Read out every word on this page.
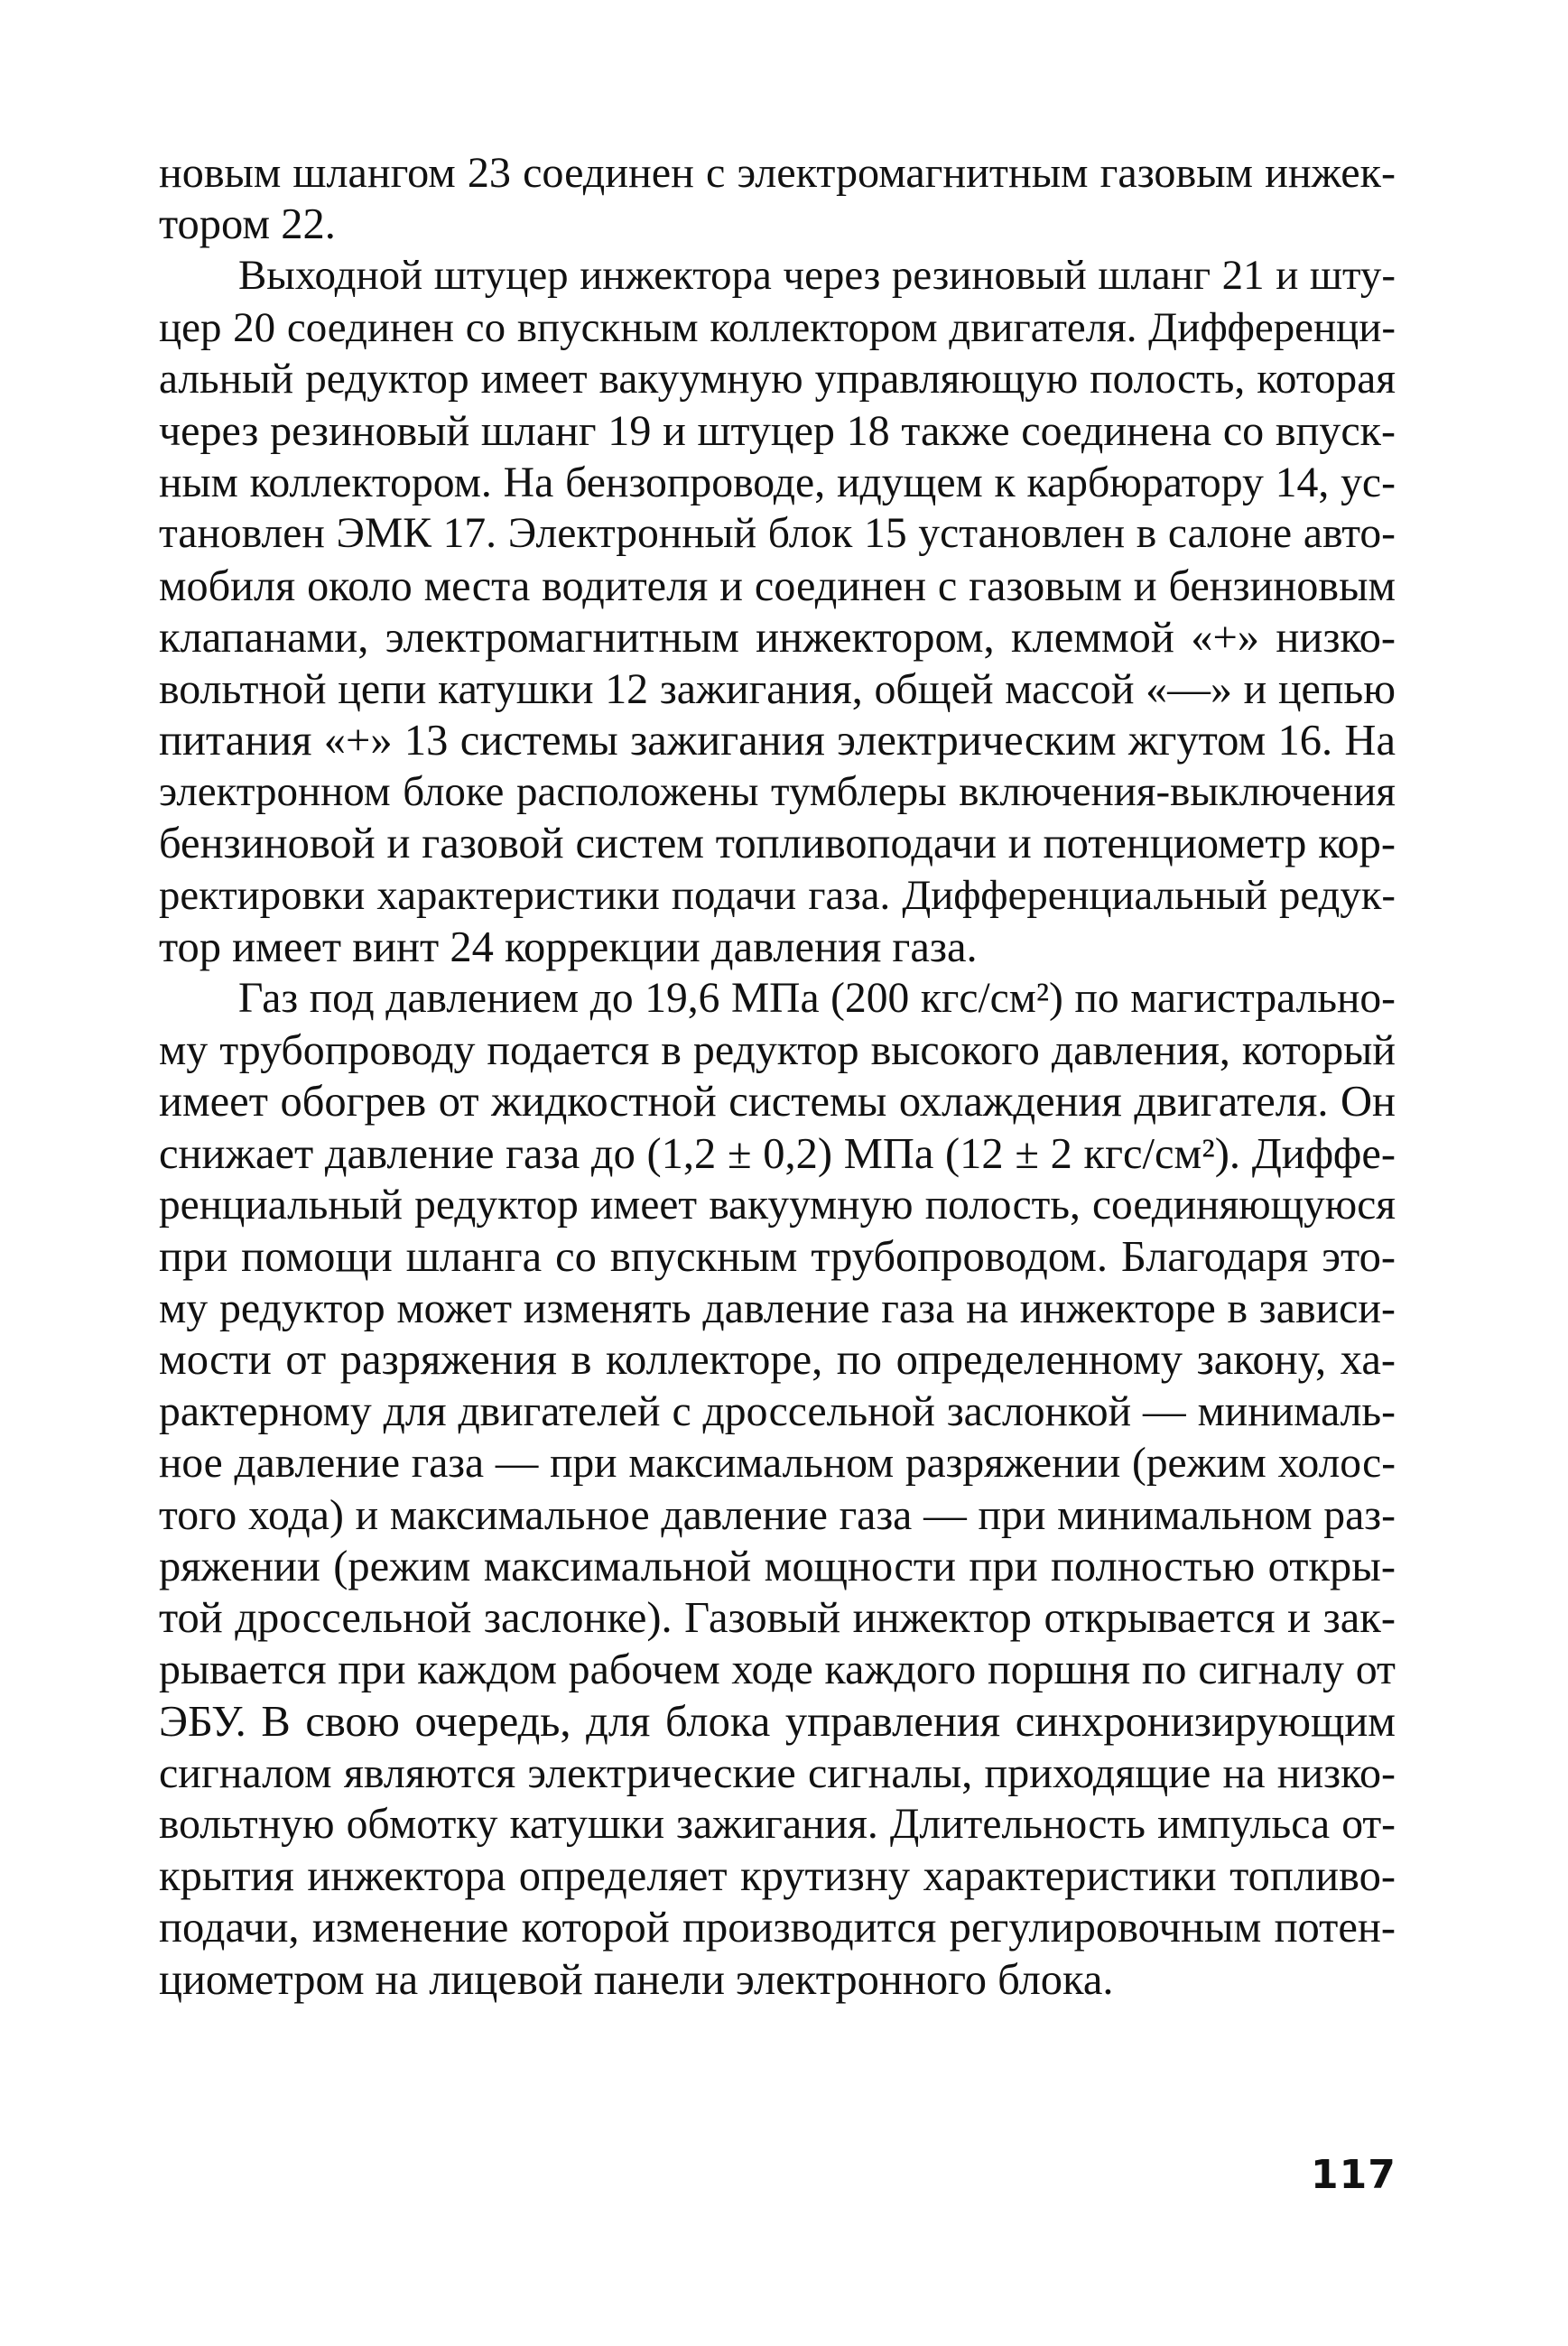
новым шлангом 23 соединен с электромагнитным газовым инжек-
тором 22.
Выходной штуцер инжектора через резиновый шланг 21 и шту-
цер 20 соединен со впускным коллектором двигателя. Дифференци-
альный редуктор имеет вакуумную управляющую полость, которая
через резиновый шланг 19 и штуцер 18 также соединена со впуск-
ным коллектором. На бензопроводе, идущем к карбюратору 14, ус-
тановлен ЭМК 17. Электронный блок 15 установлен в салоне авто-
мобиля около места водителя и соединен с газовым и бензиновым
клапанами, электромагнитным инжектором, клеммой «+» низко-
вольтной цепи катушки 12 зажигания, общей массой «—» и цепью
питания «+» 13 системы зажигания электрическим жгутом 16. На
электронном блоке расположены тумблеры включения-выключения
бензиновой и газовой систем топливоподачи и потенциометр кор-
ректировки характеристики подачи газа. Дифференциальный редук-
тор имеет винт 24 коррекции давления газа.
Газ под давлением до 19,6 МПа (200 кгс/см²) по магистрально-
му трубопроводу подается в редуктор высокого давления, который
имеет обогрев от жидкостной системы охлаждения двигателя. Он
снижает давление газа до (1,2 ± 0,2) МПа (12 ± 2 кгс/см²). Диффе-
ренциальный редуктор имеет вакуумную полость, соединяющуюся
при помощи шланга со впускным трубопроводом. Благодаря это-
му редуктор может изменять давление газа на инжекторе в зависи-
мости от разряжения в коллекторе, по определенному закону, ха-
рактерному для двигателей с дроссельной заслонкой — минималь-
ное давление газа — при максимальном разряжении (режим холос-
того хода) и максимальное давление газа — при минимальном раз-
ряжении (режим максимальной мощности при полностью откры-
той дроссельной заслонке). Газовый инжектор открывается и зак-
рывается при каждом рабочем ходе каждого поршня по сигналу от
ЭБУ. В свою очередь, для блока управления синхронизирующим
сигналом являются электрические сигналы, приходящие на низко-
вольтную обмотку катушки зажигания. Длительность импульса от-
крытия инжектора определяет крутизну характеристики топливо-
подачи, изменение которой производится регулировочным потен-
циометром на лицевой панели электронного блока.
117
